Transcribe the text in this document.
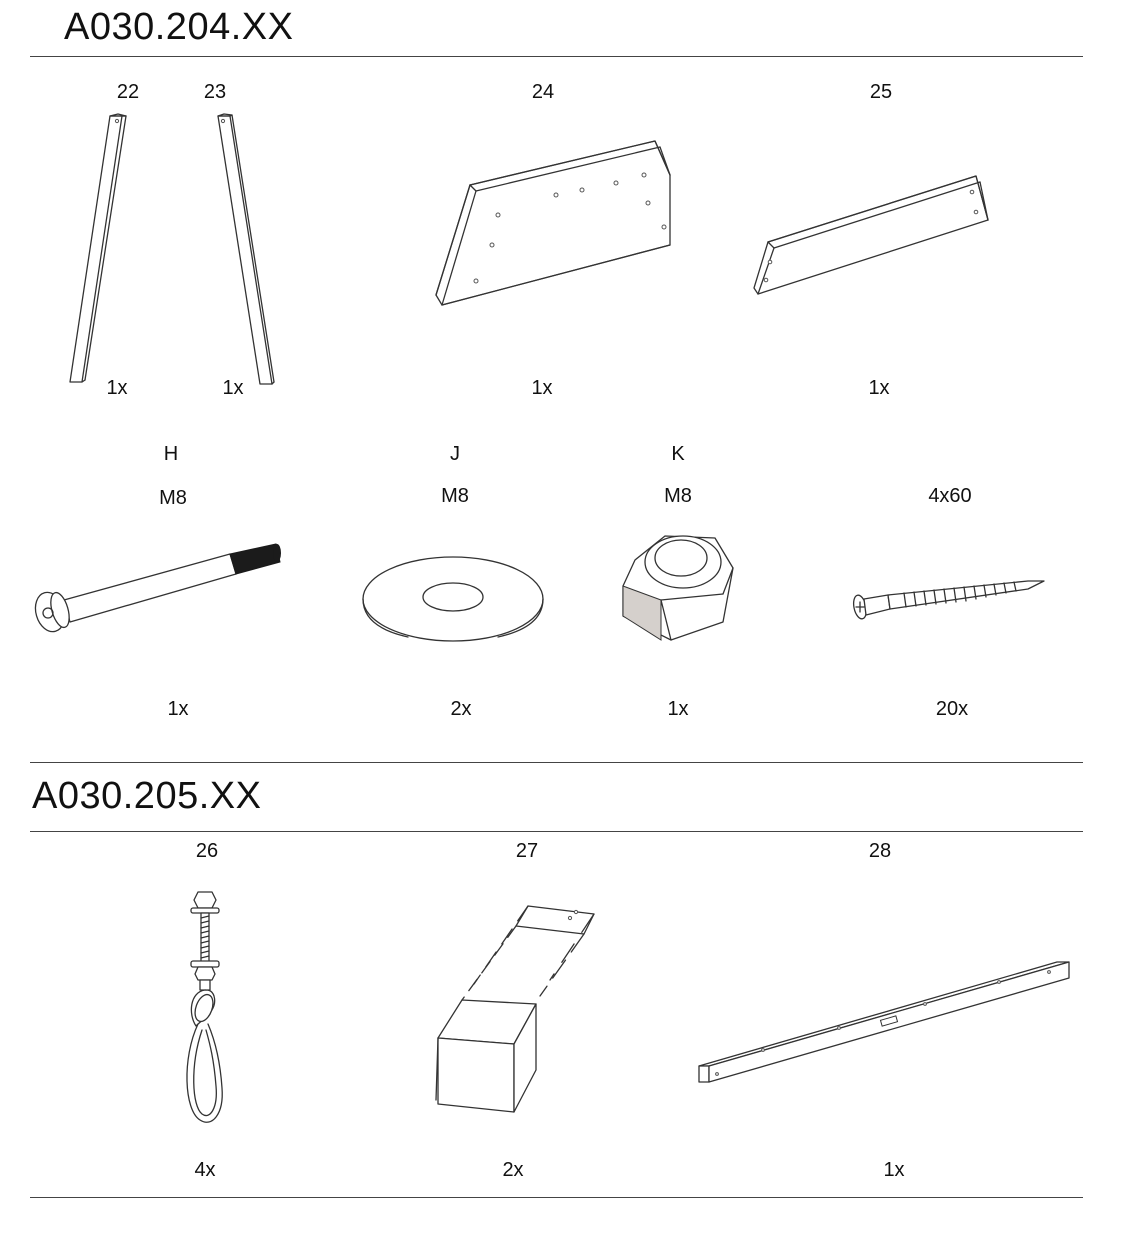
A030.204.XX
22	23	24	25
1x	1x	1x	1x
H	J	K
M8	M8	M8	4x60
1x	2x	1x	20x
A030.205.XX
26	27	28
4x	2x	1x
